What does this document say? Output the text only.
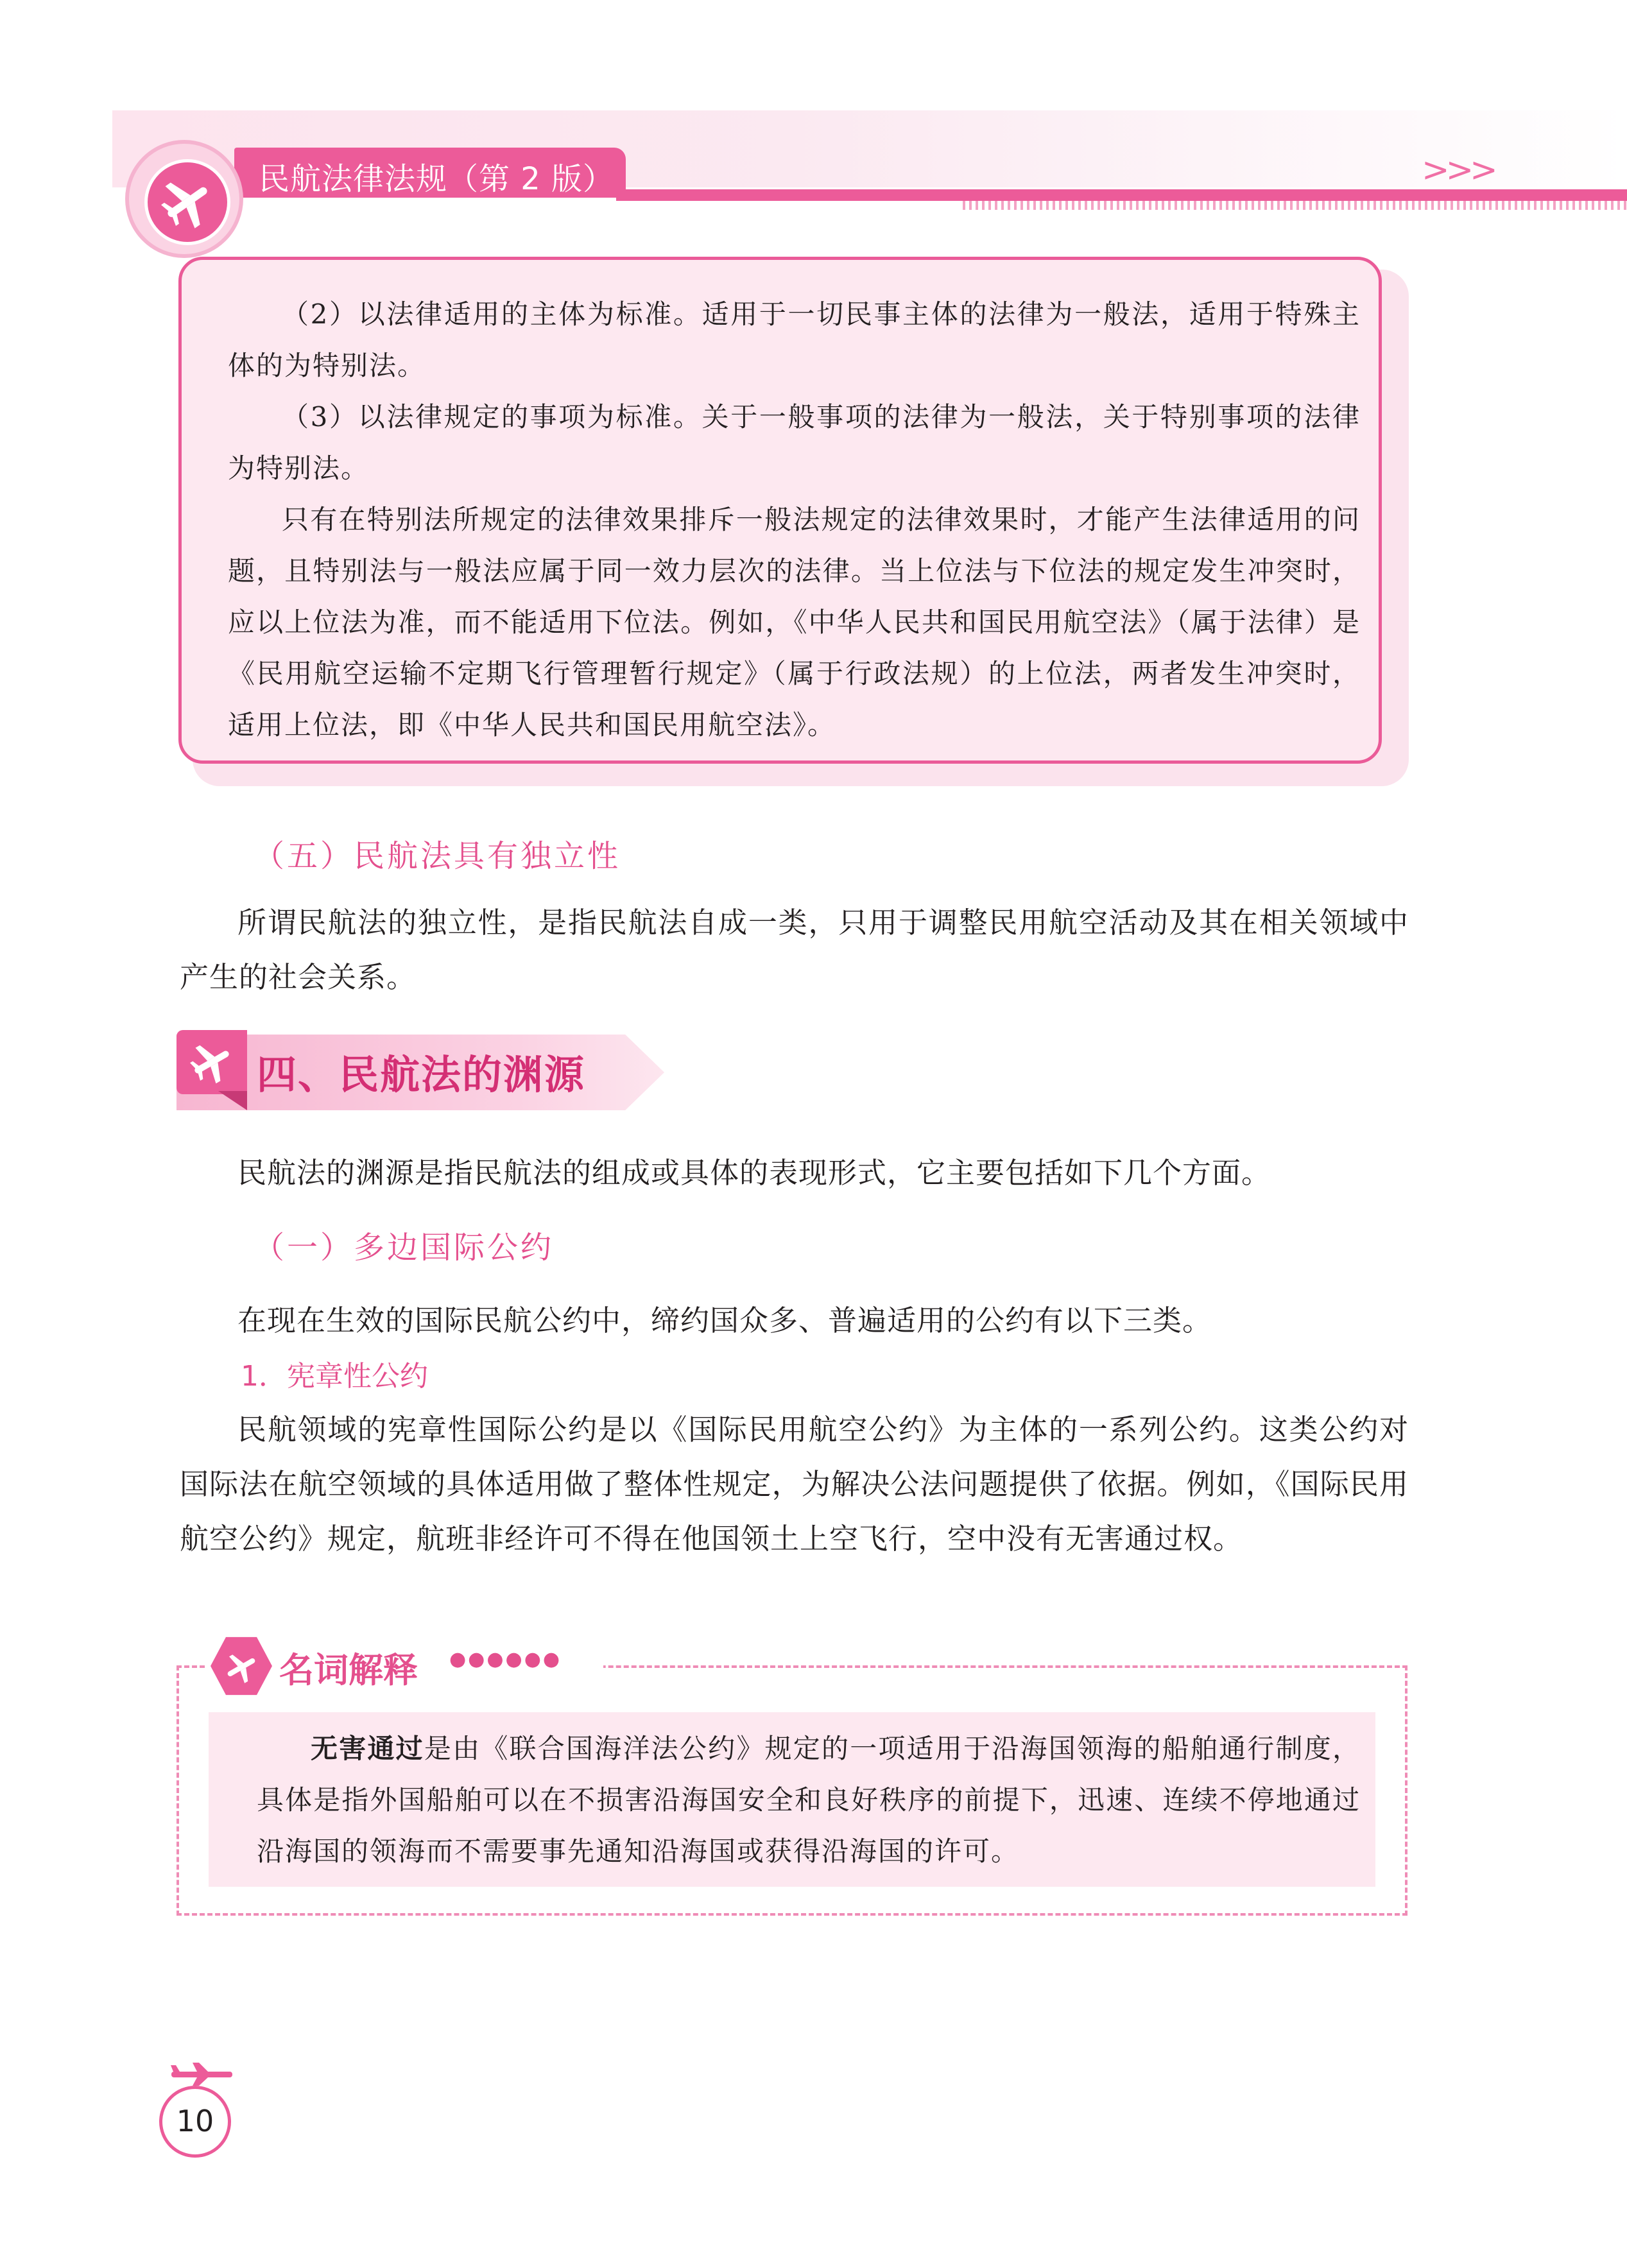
民航法律法规（第 2 版）	>>>

（2）以法律适用的主体为标准。适用于一切民事主体的法律为一般法，适用于特殊主体的为特别法。

（3）以法律规定的事项为标准。关于一般事项的法律为一般法，关于特别事项的法律为特别法。

只有在特别法所规定的法律效果排斥一般法规定的法律效果时，才能产生法律适用的问题，且特别法与一般法应属于同一效力层次的法律。当上位法与下位法的规定发生冲突时，应以上位法为准，而不能适用下位法。例如，《中华人民共和国民用航空法》（属于法律）是《民用航空运输不定期飞行管理暂行规定》（属于行政法规）的上位法，两者发生冲突时，适用上位法，即《中华人民共和国民用航空法》。

（五）民航法具有独立性

所谓民航法的独立性，是指民航法自成一类，只用于调整民用航空活动及其在相关领域中产生的社会关系。

四、民航法的渊源

民航法的渊源是指民航法的组成或具体的表现形式，它主要包括如下几个方面。

（一）多边国际公约

在现在生效的国际民航公约中，缔约国众多、普遍适用的公约有以下三类。

1．宪章性公约

民航领域的宪章性国际公约是以《国际民用航空公约》为主体的一系列公约。这类公约对国际法在航空领域的具体适用做了整体性规定，为解决公法问题提供了依据。例如，《国际民用航空公约》规定，航班非经许可不得在他国领土上空飞行，空中没有无害通过权。

名词解释 ●●●●●●

无害通过是由《联合国海洋法公约》规定的一项适用于沿海国领海的船舶通行制度，具体是指外国船舶可以在不损害沿海国安全和良好秩序的前提下，迅速、连续不停地通过沿海国的领海而不需要事先通知沿海国或获得沿海国的许可。

10
